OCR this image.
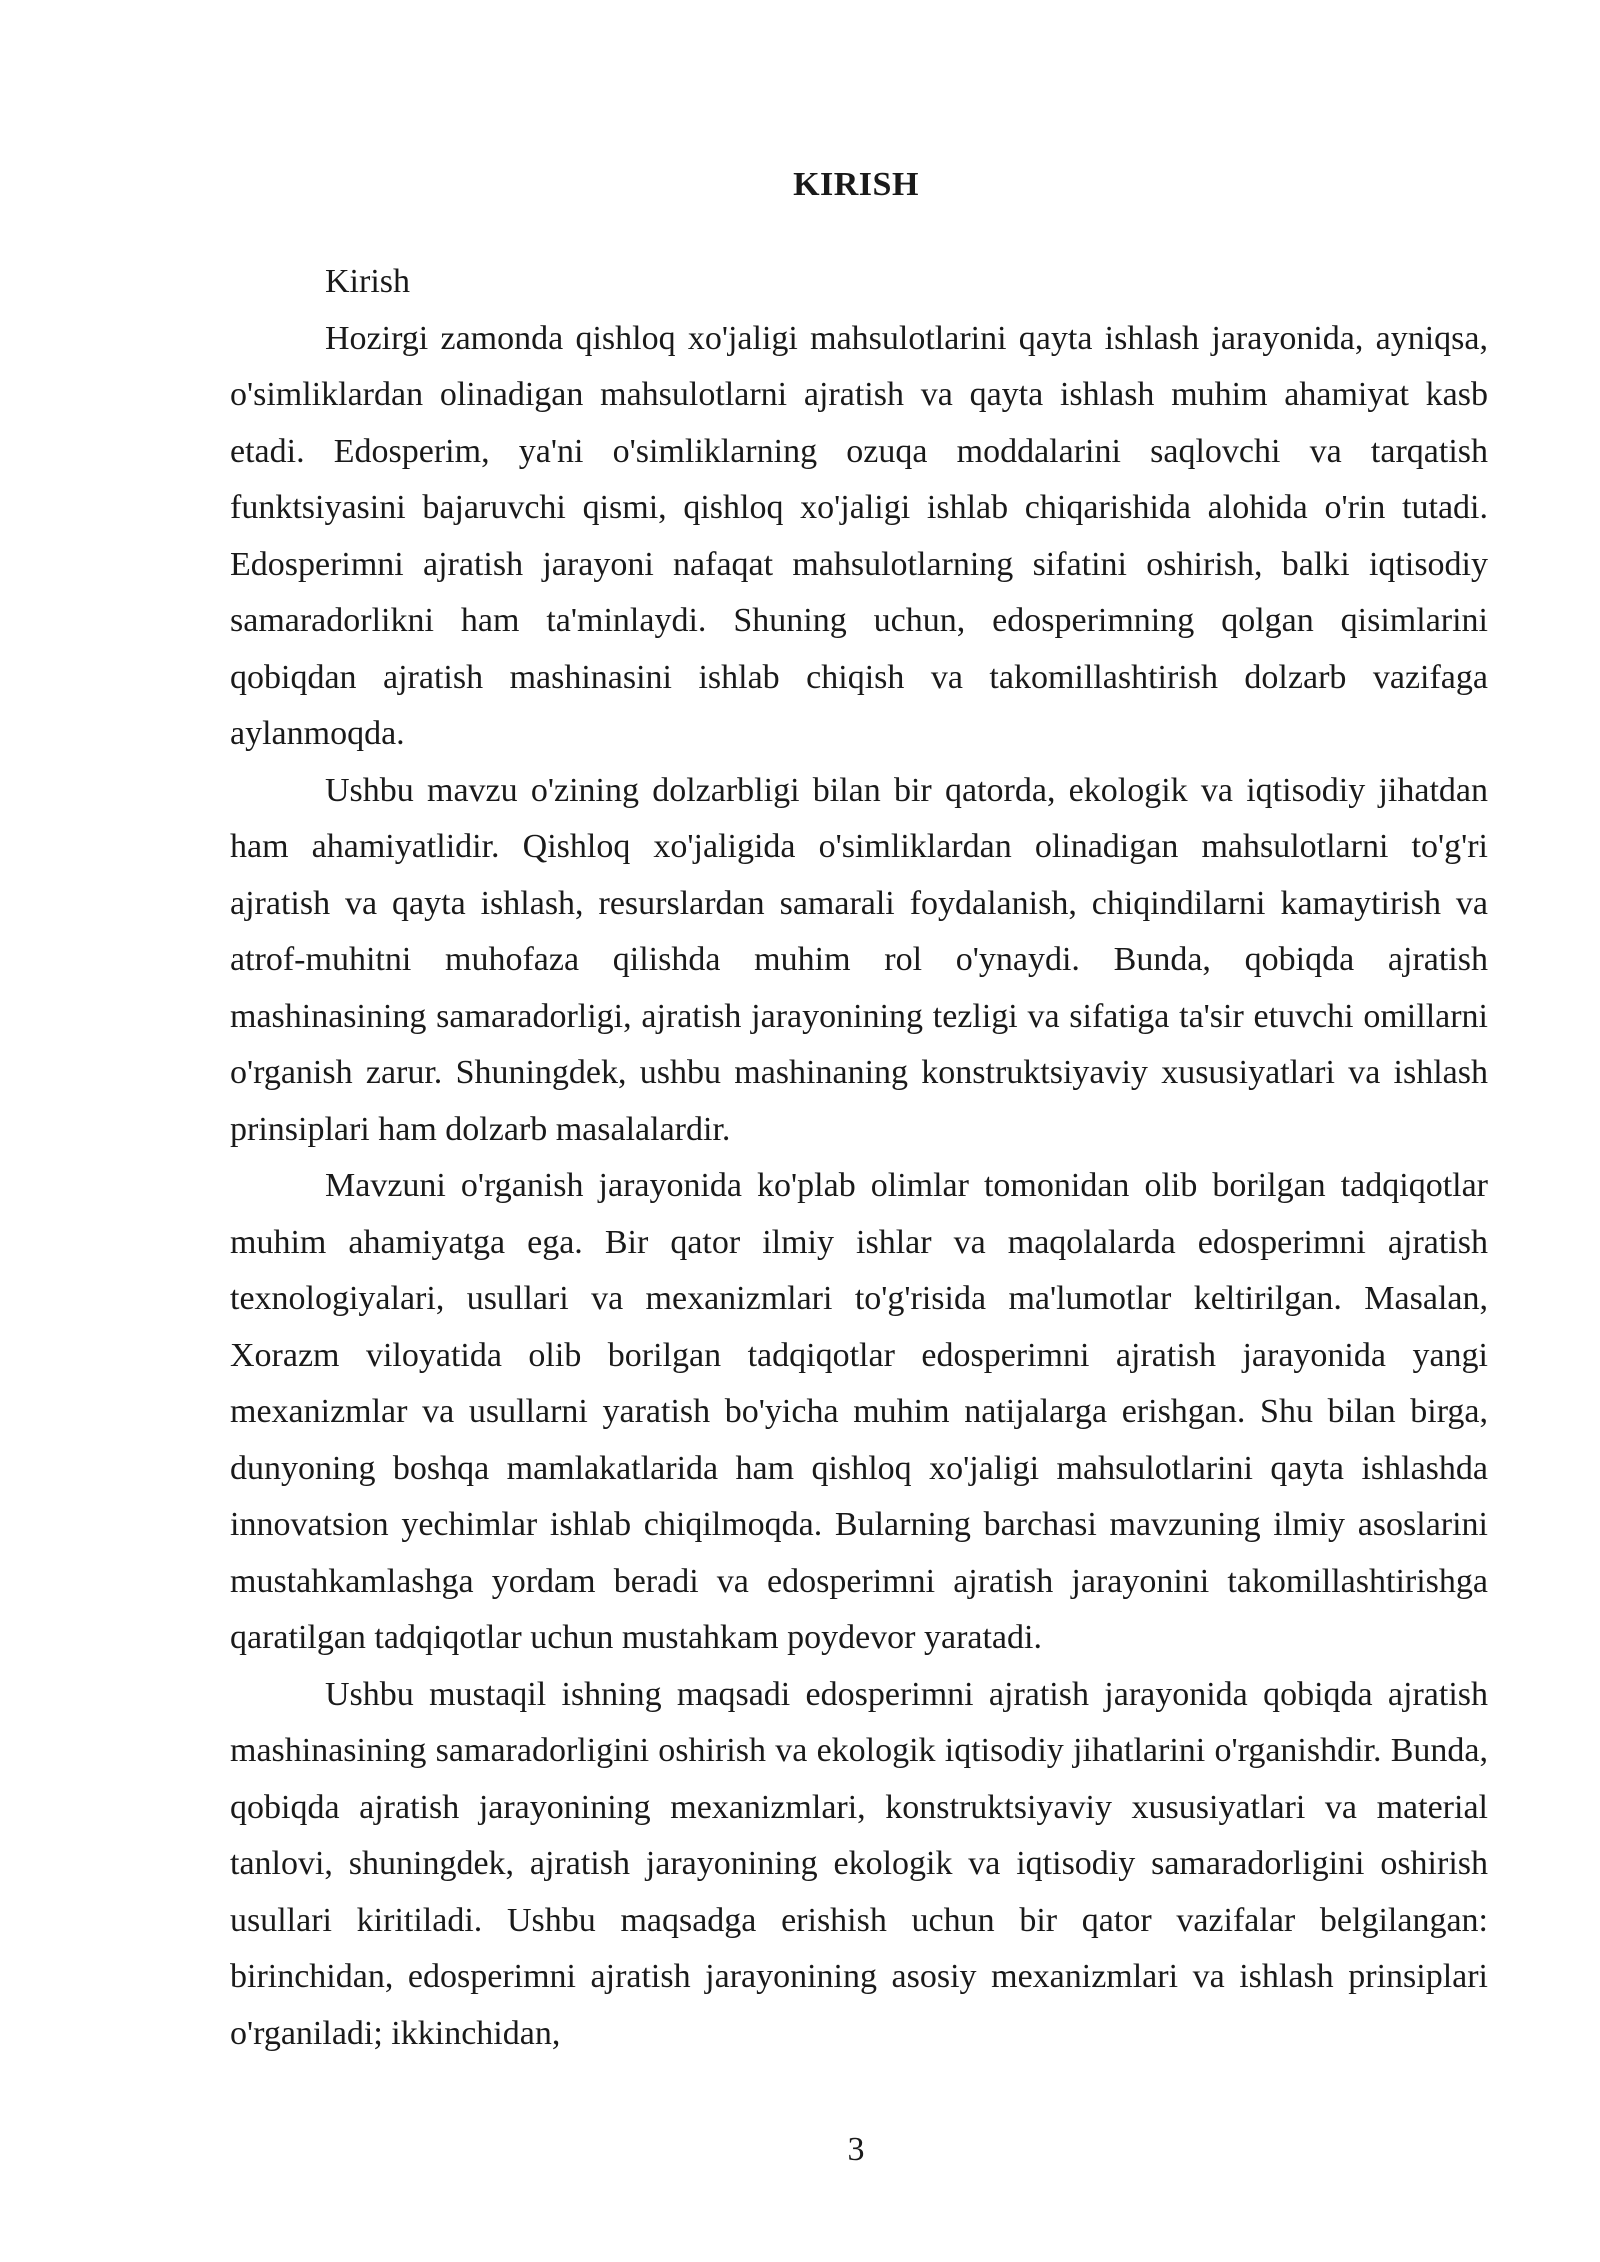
KIRISH

Kirish

Hozirgi zamonda qishloq xo'jaligi mahsulotlarini qayta ishlash jarayonida, ayniqsa, o'simliklardan olinadigan mahsulotlarni ajratish va qayta ishlash muhim ahamiyat kasb etadi. Edosperim, ya'ni o'simliklarning ozuqa moddalarini saqlovchi va tarqatish funktsiyasini bajaruvchi qismi, qishloq xo'jaligi ishlab chiqarishida alohida o'rin tutadi. Edosperimni ajratish jarayoni nafaqat mahsulotlarning sifatini oshirish, balki iqtisodiy samaradorlikni ham ta'minlaydi. Shuning uchun, edosperimning qolgan qisimlarini qobiqdan ajratish mashinasini ishlab chiqish va takomillashtirish dolzarb vazifaga aylanmoqda.

Ushbu mavzu o'zining dolzarbligi bilan bir qatorda, ekologik va iqtisodiy jihatdan ham ahamiyatlidir. Qishloq xo'jaligida o'simliklardan olinadigan mahsulotlarni to'g'ri ajratish va qayta ishlash, resurslardan samarali foydalanish, chiqindilarni kamaytirish va atrof-muhitni muhofaza qilishda muhim rol o'ynaydi. Bunda, qobiqda ajratish mashinasining samaradorligi, ajratish jarayonining tezligi va sifatiga ta'sir etuvchi omillarni o'rganish zarur. Shuningdek, ushbu mashinaning konstruktsiyaviy xususiyatlari va ishlash prinsiplari ham dolzarb masalalardir.

Mavzuni o'rganish jarayonida ko'plab olimlar tomonidan olib borilgan tadqiqotlar muhim ahamiyatga ega. Bir qator ilmiy ishlar va maqolalarda edosperimni ajratish texnologiyalari, usullari va mexanizmlari to'g'risida ma'lumotlar keltirilgan. Masalan, Xorazm viloyatida olib borilgan tadqiqotlar edosperimni ajratish jarayonida yangi mexanizmlar va usullarni yaratish bo'yicha muhim natijalarga erishgan. Shu bilan birga, dunyoning boshqa mamlakatlarida ham qishloq xo'jaligi mahsulotlarini qayta ishlashda innovatsion yechimlar ishlab chiqilmoqda. Bularning barchasi mavzuning ilmiy asoslarini mustahkamlashga yordam beradi va edosperimni ajratish jarayonini takomillashtirishga qaratilgan tadqiqotlar uchun mustahkam poydevor yaratadi.

Ushbu mustaqil ishning maqsadi edosperimni ajratish jarayonida qobiqda ajratish mashinasining samaradorligini oshirish va ekologik iqtisodiy jihatlarini o'rganishdir. Bunda, qobiqda ajratish jarayonining mexanizmlari, konstruktsiyaviy xususiyatlari va material tanlovi, shuningdek, ajratish jarayonining ekologik va iqtisodiy samaradorligini oshirish usullari kiritiladi. Ushbu maqsadga erishish uchun bir qator vazifalar belgilangan: birinchidan, edosperimni ajratish jarayonining asosiy mexanizmlari va ishlash prinsiplari o'rganiladi; ikkinchidan,

3
